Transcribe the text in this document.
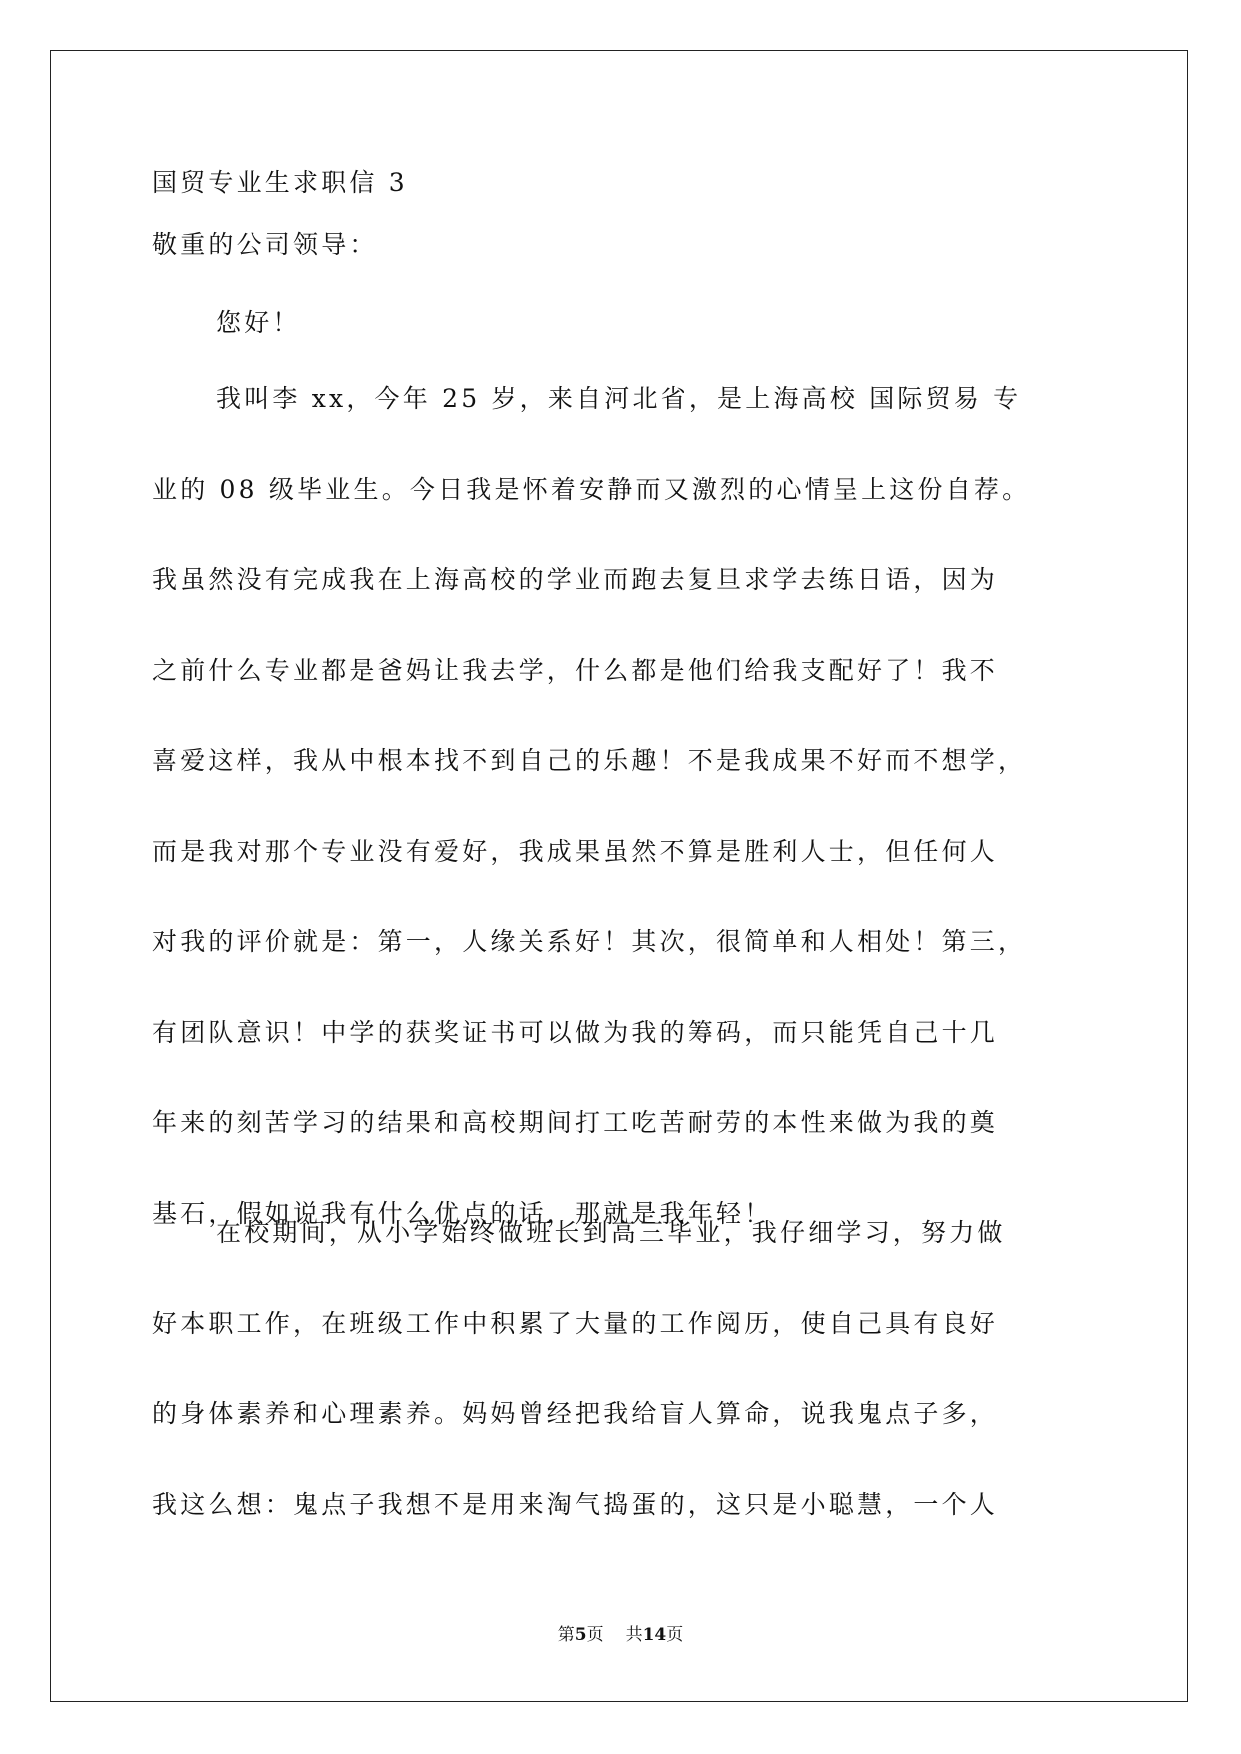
国贸专业生求职信 3
敬重的公司领导：
您好！
我叫李 xx，今年 25 岁，来自河北省，是上海高校 国际贸易 专
业的 08 级毕业生。今日我是怀着安静而又激烈的心情呈上这份自荐。
我虽然没有完成我在上海高校的学业而跑去复旦求学去练日语，因为
之前什么专业都是爸妈让我去学，什么都是他们给我支配好了！我不
喜爱这样，我从中根本找不到自己的乐趣！不是我成果不好而不想学，
而是我对那个专业没有爱好，我成果虽然不算是胜利人士，但任何人
对我的评价就是：第一，人缘关系好！其次，很简单和人相处！第三，
有团队意识！中学的获奖证书可以做为我的筹码，而只能凭自己十几
年来的刻苦学习的结果和高校期间打工吃苦耐劳的本性来做为我的奠
基石，假如说我有什么优点的话，那就是我年轻！
在校期间，从小学始终做班长到高三毕业，我仔细学习，努力做
好本职工作，在班级工作中积累了大量的工作阅历，使自己具有良好
的身体素养和心理素养。妈妈曾经把我给盲人算命，说我鬼点子多，
我这么想：鬼点子我想不是用来淘气捣蛋的，这只是小聪慧，一个人
第5页 共14页
